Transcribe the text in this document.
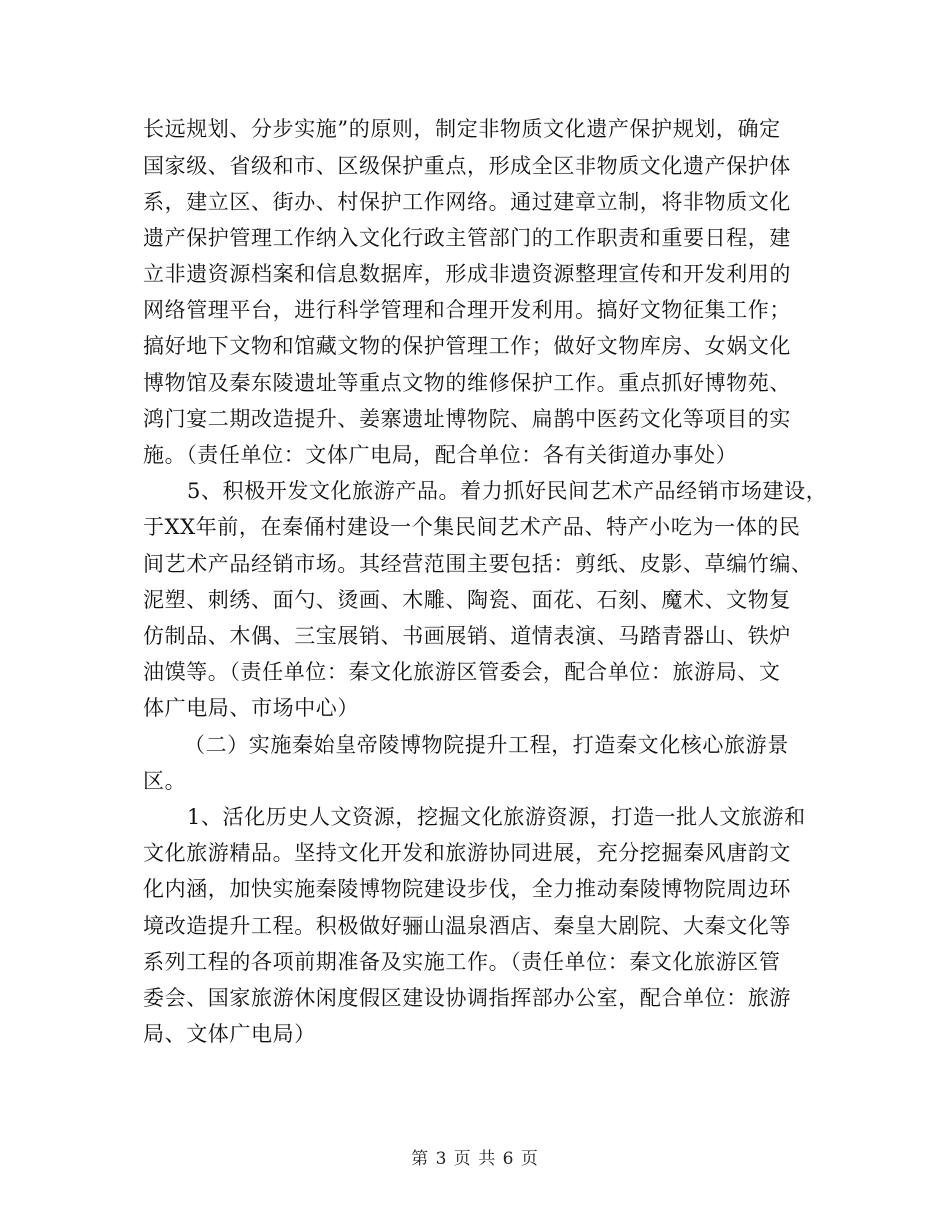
长远规划、分步实施”的原则，制定非物质文化遗产保护规划，确定
国家级、省级和市、区级保护重点，形成全区非物质文化遗产保护体
系，建立区、街办、村保护工作网络。通过建章立制，将非物质文化
遗产保护管理工作纳入文化行政主管部门的工作职责和重要日程，建
立非遗资源档案和信息数据库，形成非遗资源整理宣传和开发利用的
网络管理平台，进行科学管理和合理开发利用。搞好文物征集工作；
搞好地下文物和馆藏文物的保护管理工作；做好文物库房、女娲文化
博物馆及秦东陵遗址等重点文物的维修保护工作。重点抓好博物苑、
鸿门宴二期改造提升、姜寨遗址博物院、扁鹊中医药文化等项目的实
施。（责任单位：文体广电局，配合单位：各有关街道办事处）
5、积极开发文化旅游产品。着力抓好民间艺术产品经销市场建设，
于XX年前，在秦俑村建设一个集民间艺术产品、特产小吃为一体的民
间艺术产品经销市场。其经营范围主要包括：剪纸、皮影、草编竹编、
泥塑、刺绣、面勺、烫画、木雕、陶瓷、面花、石刻、魔术、文物复
仿制品、木偶、三宝展销、书画展销、道情表演、马踏青器山、铁炉
油馍等。（责任单位：秦文化旅游区管委会，配合单位：旅游局、文
体广电局、市场中心）
（二）实施秦始皇帝陵博物院提升工程，打造秦文化核心旅游景
区。
1、活化历史人文资源，挖掘文化旅游资源，打造一批人文旅游和
文化旅游精品。坚持文化开发和旅游协同进展，充分挖掘秦风唐韵文
化内涵，加快实施秦陵博物院建设步伐，全力推动秦陵博物院周边环
境改造提升工程。积极做好骊山温泉酒店、秦皇大剧院、大秦文化等
系列工程的各项前期准备及实施工作。（责任单位：秦文化旅游区管
委会、国家旅游休闲度假区建设协调指挥部办公室，配合单位：旅游
局、文体广电局）
第 3 页 共 6 页
